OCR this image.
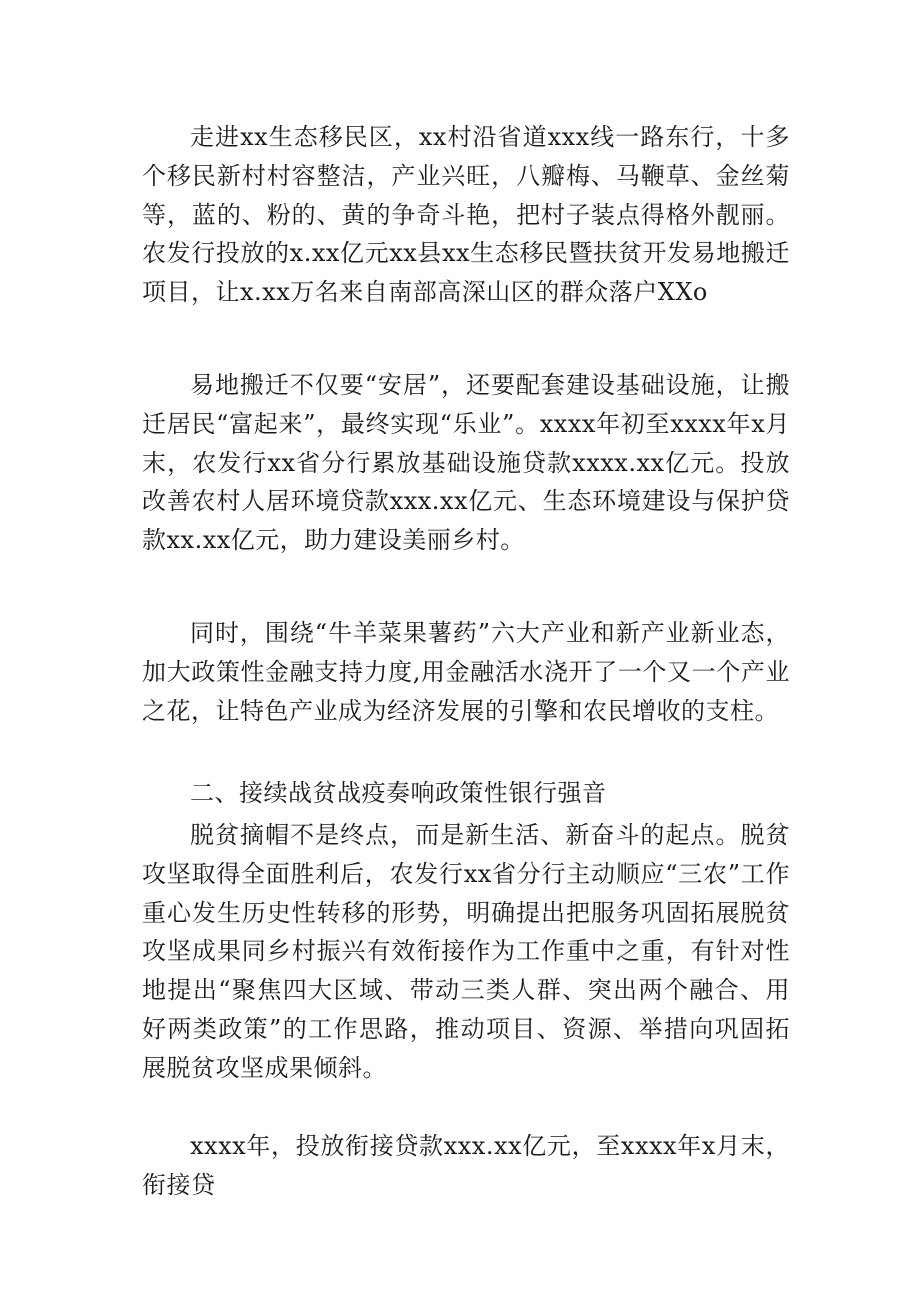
走进xx生态移民区，xx村沿省道xxx线一路东行，十多个移民新村村容整洁，产业兴旺，八瓣梅、马鞭草、金丝菊等，蓝的、粉的、黄的争奇斗艳，把村子装点得格外靓丽。农发行投放的x.xx亿元xx县xx生态移民暨扶贫开发易地搬迁项目，让x.xx万名来自南部高深山区的群众落户XXo

易地搬迁不仅要“安居”，还要配套建设基础设施，让搬迁居民“富起来”，最终实现“乐业”。xxxx年初至xxxx年x月末，农发行xx省分行累放基础设施贷款xxxx.xx亿元。投放改善农村人居环境贷款xxx.xx亿元、生态环境建设与保护贷款xx.xx亿元，助力建设美丽乡村。

同时，围绕“牛羊菜果薯药”六大产业和新产业新业态，加大政策性金融支持力度,用金融活水浇开了一个又一个产业之花，让特色产业成为经济发展的引擎和农民增收的支柱。

二、接续战贫战疫奏响政策性银行强音

脱贫摘帽不是终点，而是新生活、新奋斗的起点。脱贫攻坚取得全面胜利后，农发行xx省分行主动顺应“三农”工作重心发生历史性转移的形势，明确提出把服务巩固拓展脱贫攻坚成果同乡村振兴有效衔接作为工作重中之重，有针对性地提出“聚焦四大区域、带动三类人群、突出两个融合、用好两类政策”的工作思路，推动项目、资源、举措向巩固拓展脱贫攻坚成果倾斜。

xxxx年，投放衔接贷款xxx.xx亿元，至xxxx年x月末，衔接贷
